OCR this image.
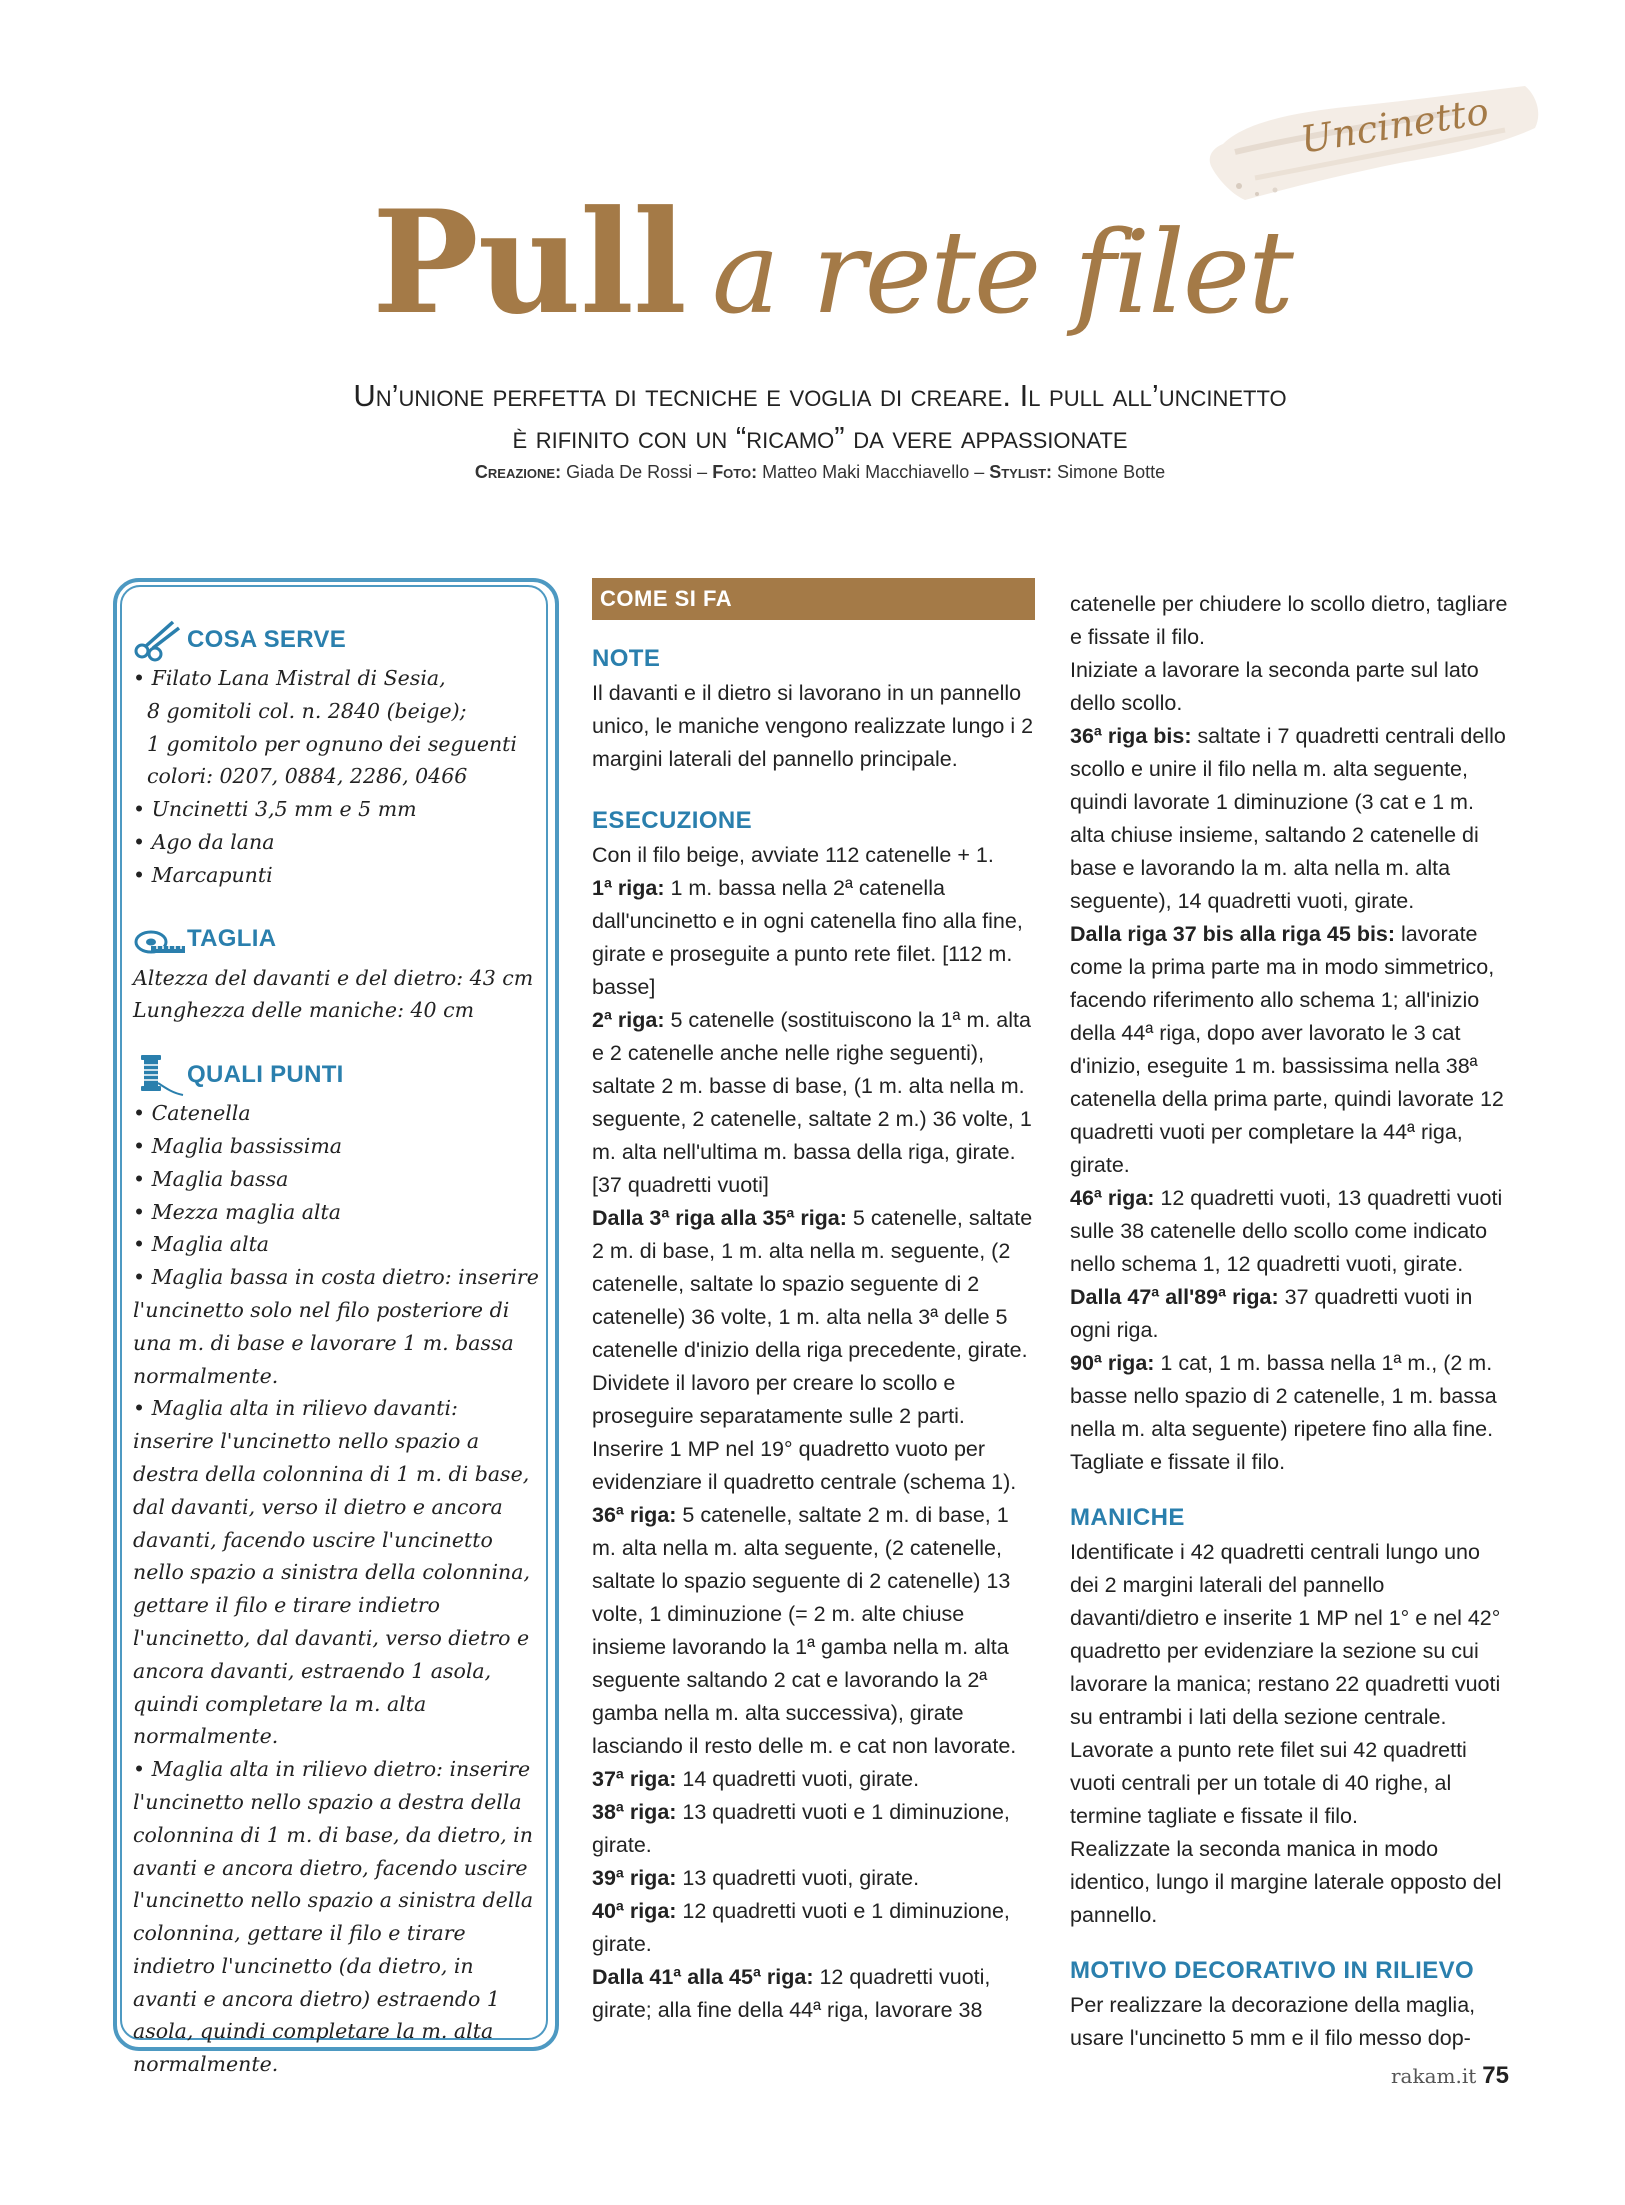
Uncinetto
Pull a rete filet
Un’unione perfetta di tecniche e voglia di creare. Il pull all’uncinetto
è rifinito con un “ricamo” da vere appassionate
Creazione: Giada De Rossi – Foto: Matteo Maki Macchiavello – Stylist: Simone Botte
COSA SERVE
• Filato Lana Mistral di Sesia,
8 gomitoli col. n. 2840 (beige);
1 gomitolo per ognuno dei seguenti
colori: 0207, 0884, 2286, 0466
• Uncinetti 3,5 mm e 5 mm
• Ago da lana
• Marcapunti
TAGLIA
Altezza del davanti e del dietro: 43 cm
Lunghezza delle maniche: 40 cm
QUALI PUNTI
• Catenella
• Maglia bassissima
• Maglia bassa
• Mezza maglia alta
• Maglia alta
• Maglia bassa in costa dietro: inserire l'uncinetto solo nel filo posteriore di una m. di base e lavorare 1 m. bassa normalmente.
• Maglia alta in rilievo davanti: inserire l'uncinetto nello spazio a destra della colonnina di 1 m. di base, dal davanti, verso il dietro e ancora davanti, facendo uscire l'uncinetto nello spazio a sinistra della colonnina, gettare il filo e tirare indietro l'uncinetto, dal davanti, verso dietro e ancora davanti, estraendo 1 asola, quindi completare la m. alta normalmente.
• Maglia alta in rilievo dietro: inserire l'uncinetto nello spazio a destra della colonnina di 1 m. di base, da dietro, in avanti e ancora dietro, facendo uscire l'uncinetto nello spazio a sinistra della colonnina, gettare il filo e tirare indietro l'uncinetto (da dietro, in avanti e ancora dietro) estraendo 1 asola, quindi completare la m. alta normalmente.
COME SI FA
NOTE

Il davanti e il dietro si lavorano in un pannello unico, le maniche vengono realizzate lungo i 2 margini laterali del pannello principale.

ESECUZIONE

Con il filo beige, avviate 112 catenelle + 1.

1ª riga: 1 m. bassa nella 2ª catenella dall'uncinetto e in ogni catenella fino alla fine, girate e proseguite a punto rete filet. [112 m. basse]

2ª riga: 5 catenelle (sostituiscono la 1ª m. alta e 2 catenelle anche nelle righe seguenti), saltate 2 m. basse di base, (1 m. alta nella m. seguente, 2 catenelle, saltate 2 m.) 36 volte, 1 m. alta nell'ultima m. bassa della riga, girate. [37 quadretti vuoti]

Dalla 3ª riga alla 35ª riga: 5 catenelle, saltate 2 m. di base, 1 m. alta nella m. seguente, (2 catenelle, saltate lo spazio seguente di 2 catenelle) 36 volte, 1 m. alta nella 3ª delle 5 catenelle d'inizio della riga precedente, girate.

Dividete il lavoro per creare lo scollo e proseguire separatamente sulle 2 parti. Inserire 1 MP nel 19° quadretto vuoto per evidenziare il quadretto centrale (schema 1).

36ª riga: 5 catenelle, saltate 2 m. di base, 1 m. alta nella m. alta seguente, (2 catenelle, saltate lo spazio seguente di 2 catenelle) 13 volte, 1 diminuzione (= 2 m. alte chiuse insieme lavorando la 1ª gamba nella m. alta seguente saltando 2 cat e lavorando la 2ª gamba nella m. alta successiva), girate lasciando il resto delle m. e cat non lavorate.

37ª riga: 14 quadretti vuoti, girate.

38ª riga: 13 quadretti vuoti e 1 diminuzione, girate.

39ª riga: 13 quadretti vuoti, girate.

40ª riga: 12 quadretti vuoti e 1 diminuzione, girate.

Dalla 41ª alla 45ª riga: 12 quadretti vuoti, girate; alla fine della 44ª riga, lavorare 38

catenelle per chiudere lo scollo dietro, tagliare e fissate il filo.

Iniziate a lavorare la seconda parte sul lato dello scollo.

36ª riga bis: saltate i 7 quadretti centrali dello scollo e unire il filo nella m. alta seguente, quindi lavorate 1 diminuzione (3 cat e 1 m. alta chiuse insieme, saltando 2 catenelle di base e lavorando la m. alta nella m. alta seguente), 14 quadretti vuoti, girate.

Dalla riga 37 bis alla riga 45 bis: lavorate come la prima parte ma in modo simmetrico, facendo riferimento allo schema 1; all'inizio della 44ª riga, dopo aver lavorato le 3 cat d'inizio, eseguite 1 m. bassissima nella 38ª catenella della prima parte, quindi lavorate 12 quadretti vuoti per completare la 44ª riga, girate.

46ª riga: 12 quadretti vuoti, 13 quadretti vuoti sulle 38 catenelle dello scollo come indicato nello schema 1, 12 quadretti vuoti, girate.

Dalla 47ª all'89ª riga: 37 quadretti vuoti in ogni riga.

90ª riga: 1 cat, 1 m. bassa nella 1ª m., (2 m. basse nello spazio di 2 catenelle, 1 m. bassa nella m. alta seguente) ripetere fino alla fine. Tagliate e fissate il filo.

MANICHE

Identificate i 42 quadretti centrali lungo uno dei 2 margini laterali del pannello davanti/dietro e inserite 1 MP nel 1° e nel 42° quadretto per evidenziare la sezione su cui lavorare la manica; restano 22 quadretti vuoti su entrambi i lati della sezione centrale.

Lavorate a punto rete filet sui 42 quadretti vuoti centrali per un totale di 40 righe, al termine tagliate e fissate il filo.

Realizzate la seconda manica in modo identico, lungo il margine laterale opposto del pannello.

MOTIVO DECORATIVO IN RILIEVO

Per realizzare la decorazione della maglia, usare l'uncinetto 5 mm e il filo messo dop-

rakam.it 75
